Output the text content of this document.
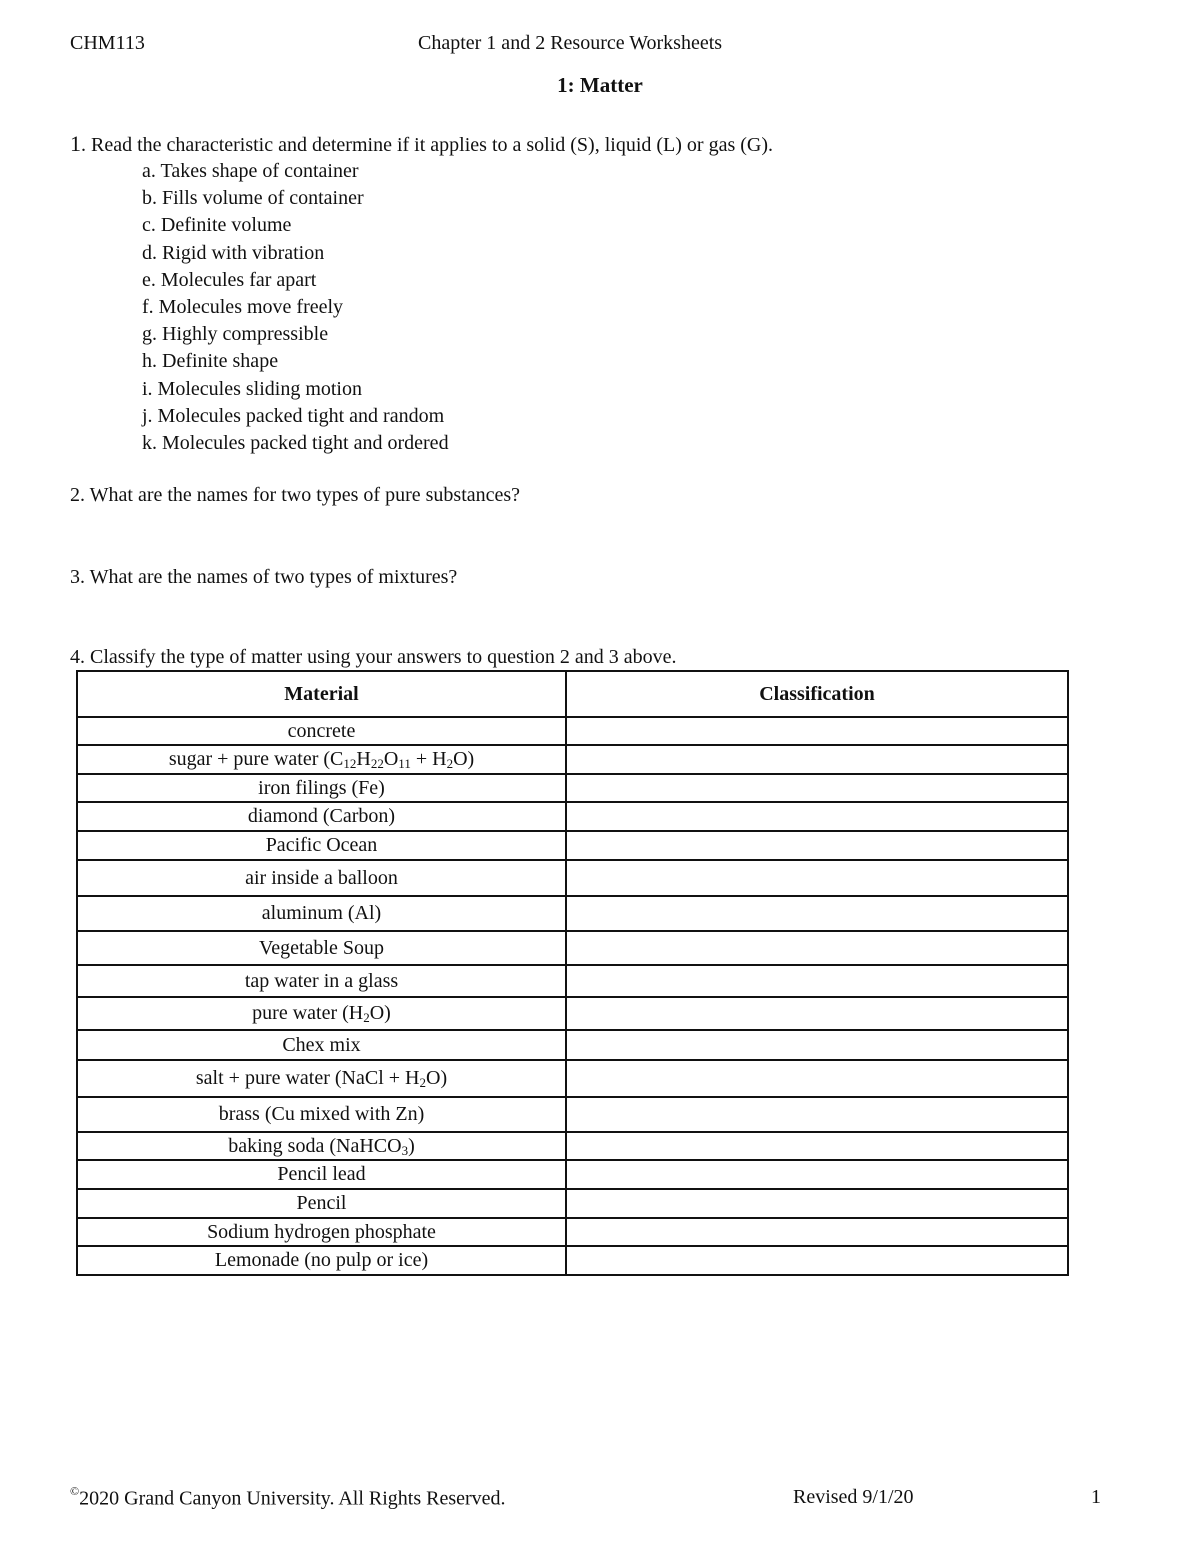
CHM113	Chapter 1 and 2 Resource Worksheets
1: Matter
1. Read the characteristic and determine if it applies to a solid (S), liquid (L) or gas (G).
a. Takes shape of container
b. Fills volume of container
c. Definite volume
d. Rigid with vibration
e. Molecules far apart
f. Molecules move freely
g. Highly compressible
h. Definite shape
i. Molecules sliding motion
j. Molecules packed tight and random
k. Molecules packed tight and ordered
2. What are the names for two types of pure substances?
3. What are the names of two types of mixtures?
4. Classify the type of matter using your answers to question 2 and 3 above.
Material	Classification
concrete	
sugar + pure water $(C_{12}H_{22}O_{11} + H_2O)$	
iron filings (Fe)	
diamond (Carbon)	
Pacific Ocean	
air inside a balloon	
aluminum (Al)	
Vegetable Soup	
tap water in a glass	
pure water $(H_2O)$	
Chex mix	
salt + pure water (NaCl + $H_2O$)	
brass (Cu mixed with Zn)	
baking soda (NaHCO$_3$)	
Pencil lead	
Pencil	
Sodium hydrogen phosphate	
Lemonade (no pulp or ice)	
©2020 Grand Canyon University. All Rights Reserved.	Revised 9/1/20	1
